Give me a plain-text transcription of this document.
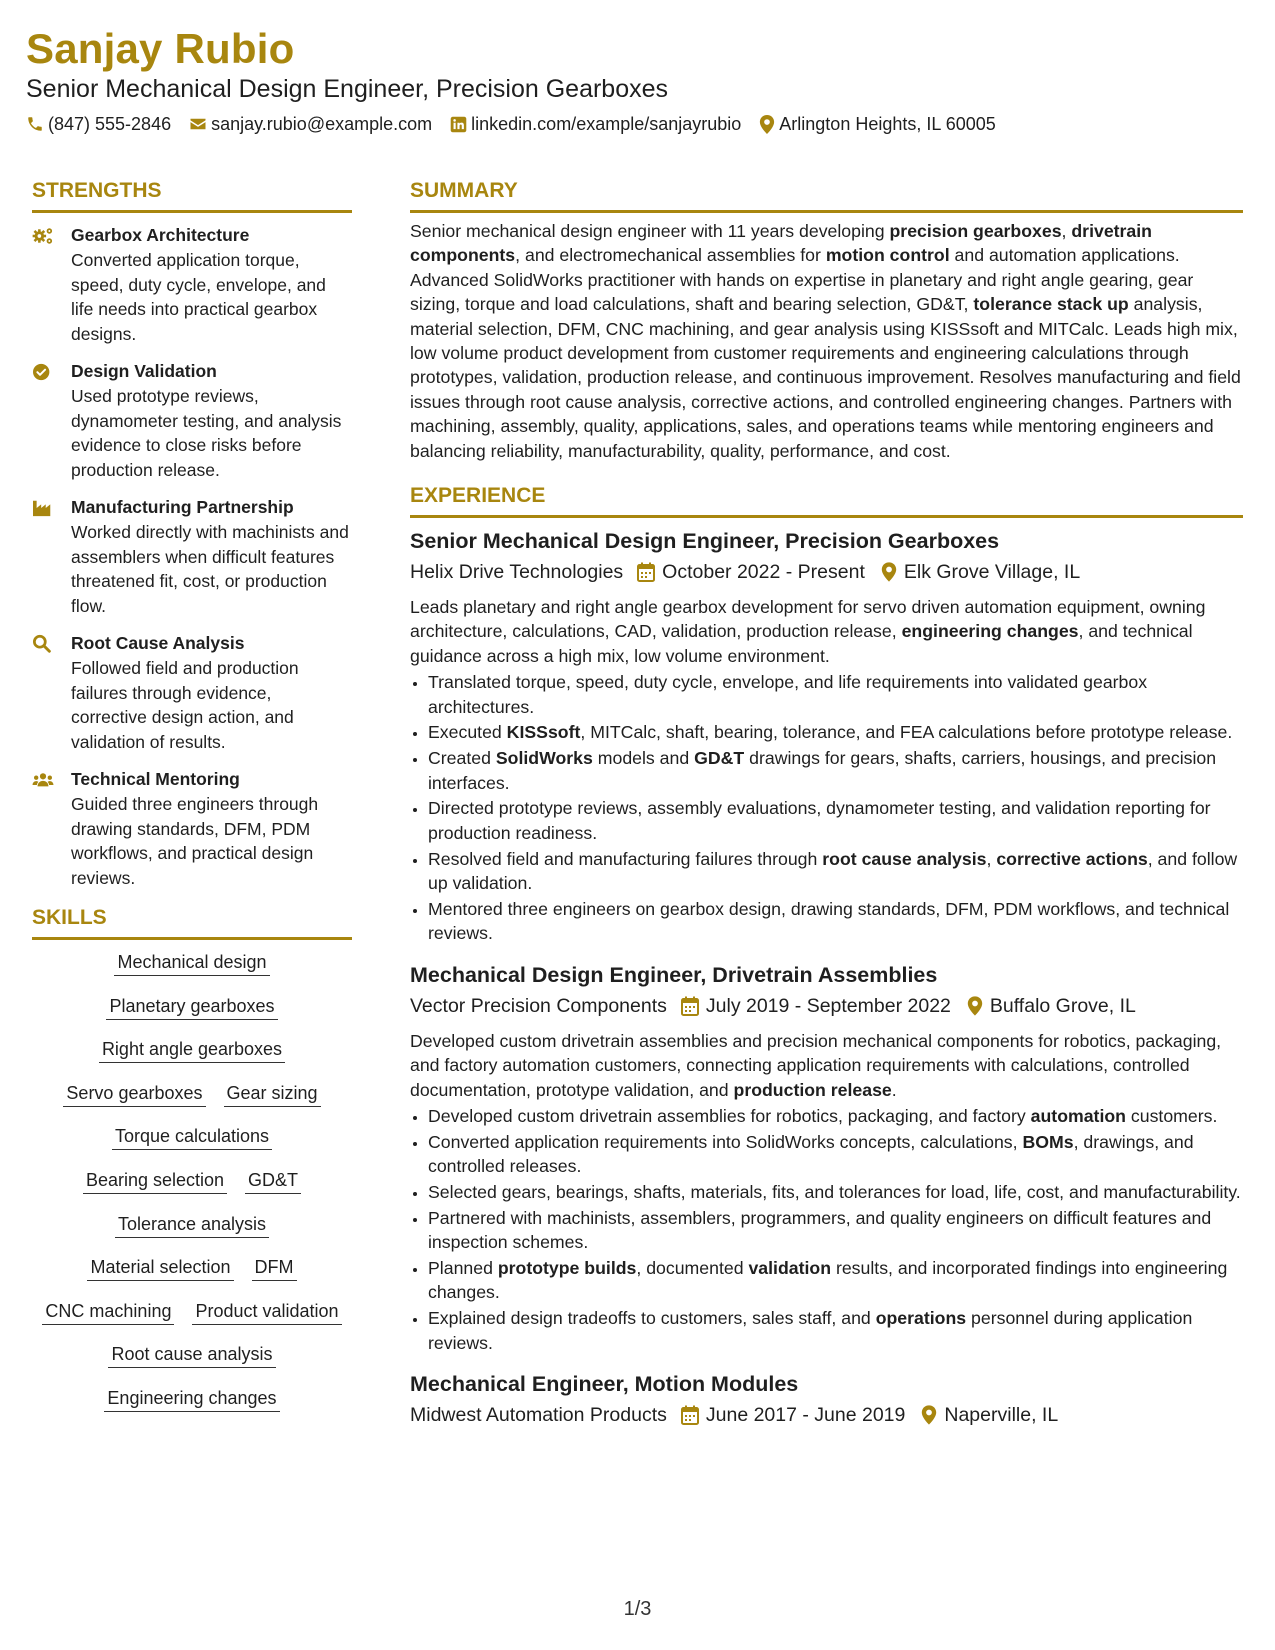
Sanjay Rubio
Senior Mechanical Design Engineer, Precision Gearboxes
(847) 555-2846 sanjay.rubio@example.com linkedin.com/example/sanjayrubio Arlington Heights, IL 60005
STRENGTHS
Gearbox Architecture
Converted application torque, speed, duty cycle, envelope, and life needs into practical gearbox designs.
Design Validation
Used prototype reviews, dynamometer testing, and analysis evidence to close risks before production release.
Manufacturing Partnership
Worked directly with machinists and assemblers when difficult features threatened fit, cost, or production flow.
Root Cause Analysis
Followed field and production failures through evidence, corrective design action, and validation of results.
Technical Mentoring
Guided three engineers through drawing standards, DFM, PDM workflows, and practical design reviews.
SKILLS
Mechanical design
Planetary gearboxes
Right angle gearboxes
Servo gearboxes Gear sizing
Torque calculations
Bearing selection GD&T
Tolerance analysis
Material selection DFM
CNC machining Product validation
Root cause analysis
Engineering changes
SUMMARY

Senior mechanical design engineer with 11 years developing precision gearboxes, drivetrain components, and electromechanical assemblies for motion control and automation applications. Advanced SolidWorks practitioner with hands on expertise in planetary and right angle gearing, gear sizing, torque and load calculations, shaft and bearing selection, GD&T, tolerance stack up analysis, material selection, DFM, CNC machining, and gear analysis using KISSsoft and MITCalc. Leads high mix, low volume product development from customer requirements and engineering calculations through prototypes, validation, production release, and continuous improvement. Resolves manufacturing and field issues through root cause analysis, corrective actions, and controlled engineering changes. Partners with machining, assembly, quality, applications, sales, and operations teams while mentoring engineers and balancing reliability, manufacturability, quality, performance, and cost.

EXPERIENCE
Senior Mechanical Design Engineer, Precision Gearboxes
Helix Drive Technologies October 2022 - Present Elk Grove Village, IL
Leads planetary and right angle gearbox development for servo driven automation equipment, owning architecture, calculations, CAD, validation, production release, engineering changes, and technical guidance across a high mix, low volume environment.
• Translated torque, speed, duty cycle, envelope, and life requirements into validated gearbox architectures.
• Executed KISSsoft, MITCalc, shaft, bearing, tolerance, and FEA calculations before prototype release.
• Created SolidWorks models and GD&T drawings for gears, shafts, carriers, housings, and precision interfaces.
• Directed prototype reviews, assembly evaluations, dynamometer testing, and validation reporting for production readiness.
• Resolved field and manufacturing failures through root cause analysis, corrective actions, and follow up validation.
• Mentored three engineers on gearbox design, drawing standards, DFM, PDM workflows, and technical reviews.
Mechanical Design Engineer, Drivetrain Assemblies
Vector Precision Components July 2019 - September 2022 Buffalo Grove, IL
Developed custom drivetrain assemblies and precision mechanical components for robotics, packaging, and factory automation customers, connecting application requirements with calculations, controlled documentation, prototype validation, and production release.
• Developed custom drivetrain assemblies for robotics, packaging, and factory automation customers.
• Converted application requirements into SolidWorks concepts, calculations, BOMs, drawings, and controlled releases.
• Selected gears, bearings, shafts, materials, fits, and tolerances for load, life, cost, and manufacturability.
• Partnered with machinists, assemblers, programmers, and quality engineers on difficult features and inspection schemes.
• Planned prototype builds, documented validation results, and incorporated findings into engineering changes.
• Explained design tradeoffs to customers, sales staff, and operations personnel during application reviews.
Mechanical Engineer, Motion Modules
Midwest Automation Products June 2017 - June 2019 Naperville, IL
1/3
